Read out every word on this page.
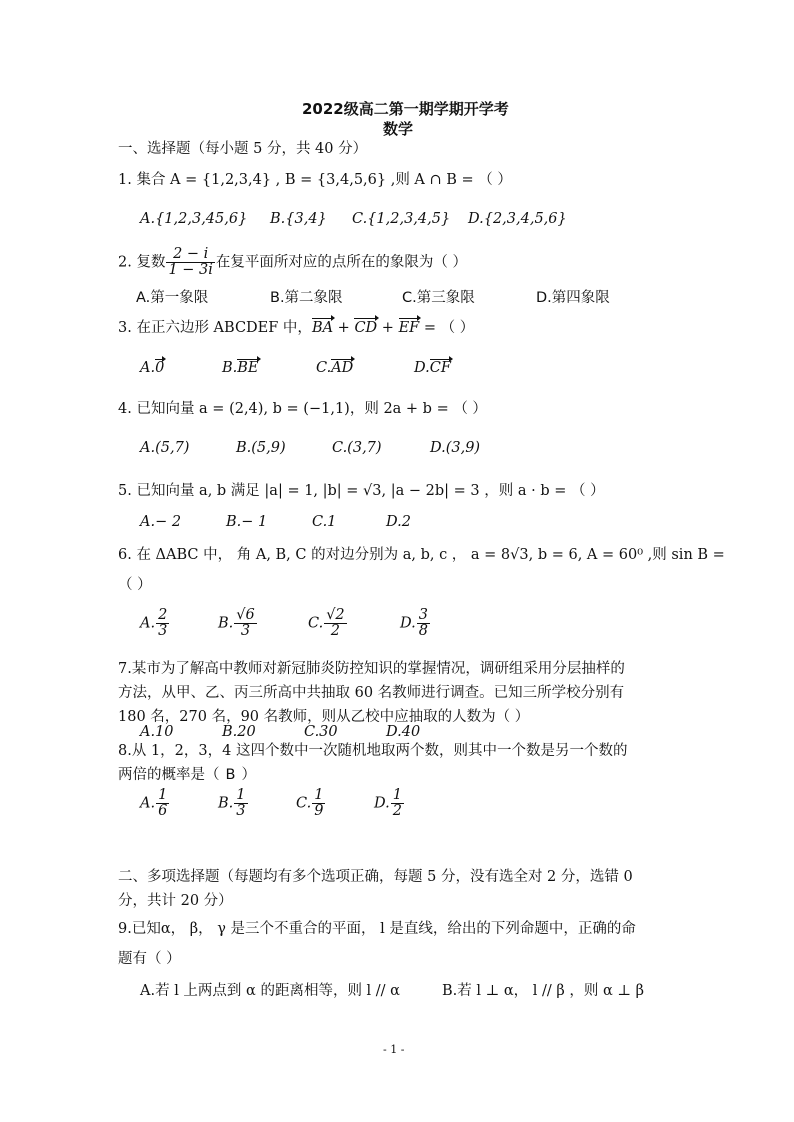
2022级高二第一期学期开学考
数学
一、选择题（每小题 5 分，共 40 分）
1. 集合 A = {1,2,3,4} , B = {3,4,5,6} ,则 A ∩ B = （ ）
A.{1,2,3,45,6} B.{3,4} C.{1,2,3,4,5} D.{2,3,4,5,6}
2. 复数 $\frac{2 - i}{1 - 3i}$ 在复平面所对应的点所在的象限为（ ）
A.第一象限	B.第二象限	C.第三象限	D.第四象限
3. 在正六边形 ABCDEF 中，BA + CD + EF = （ ）
A.0	B.BE	C.AD	D.CF
4. 已知向量 a = (2,4), b = (−1,1)，则 2a + b = （ ）
A.(5,7)	B.(5,9)	C.(3,7)	D.(3,9)
5. 已知向量 a, b 满足 |a| = 1, |b| = √3, |a − 2b| = 3 ，则 a · b = （ ）
A.− 2	B.− 1	C.1	D.2
6. 在 ΔABC 中， 角 A, B, C 的对边分别为 a, b, c ， a = 8√3, b = 6, A = 60⁰ ,则 sin B =
（ ）
A. $\frac{2}{3}$	B. $\frac{√6}{3}$	C. $\frac{√2}{2}$	D. $\frac{3}{8}$
7.某市为了解高中教师对新冠肺炎防控知识的掌握情况，调研组采用分层抽样的
方法，从甲、乙、丙三所高中共抽取 60 名教师进行调查。已知三所学校分别有
180 名，270 名，90 名教师，则从乙校中应抽取的人数为（ ）
A.10	B.20	C.30	D.40
8.从 1，2，3，4 这四个数中一次随机地取两个数，则其中一个数是另一个数的
两倍的概率是（ B ）
A. $\frac{1}{6}$	B. $\frac{1}{3}$	C. $\frac{1}{9}$	D. $\frac{1}{2}$
二、多项选择题（每题均有多个选项正确，每题 5 分，没有选全对 2 分，选错 0
分，共计 20 分）
9.已知α， β， γ 是三个不重合的平面， l 是直线，给出的下列命题中，正确的命
题有（ ）
A.若 l 上两点到 α 的距离相等，则 l // α	B.若 l ⊥ α， l // β ，则 α ⊥ β
- 1 -
